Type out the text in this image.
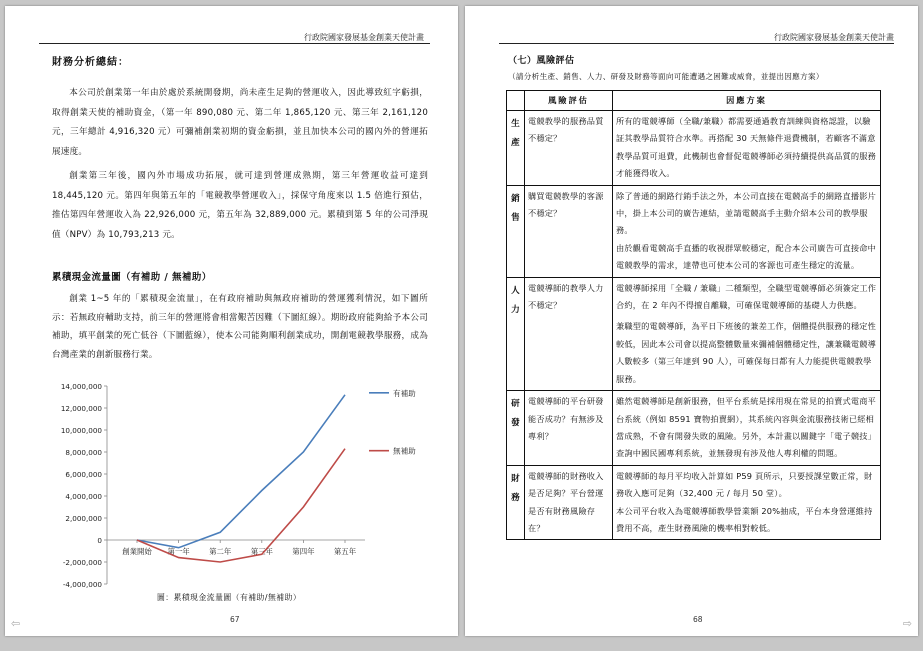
行政院國家發展基金創業天使計畫
財務分析總結：

本公司於創業第一年由於處於系統開發期，尚未產生足夠的營運收入，因此導致紅字虧損，取得創業天使的補助資金，（第一年 890,080 元、第二年 1,865,120 元、第三年 2,161,120 元，三年總計 4,916,320 元）可彌補創業初期的資金虧損，並且加快本公司的國內外的營運拓展速度。

創業第三年後，國內外市場成功拓展，就可達到營運成熟期，第三年營運收益可達到 18,445,120 元。第四年與第五年的「電競教學營運收入」，採保守角度來以 1.5 倍進行預估，推估第四年營運收入為 22,926,000 元，第五年為 32,889,000 元。累積到第 5 年的公司淨現值（NPV）為 10,793,213 元。

累積現金流量圖（有補助 / 無補助）

創業 1~5 年的「累積現金流量」，在有政府補助與無政府補助的營運獲利情況，如下圖所示：若無政府輔助支持，前三年的營運將會相當艱苦因難（下圖紅線）。期盼政府能夠給予本公司補助，填平創業的死亡低谷（下圖藍線），使本公司能夠順利創業成功，開創電競教學服務，成為台灣產業的創新服務行業。

14,000,000
12,000,000
10,000,000
8,000,000
6,000,000
4,000,000
2,000,000
0
-2,000,000
-4,000,000
創業開始 第一年	第二年	第三年	第四年	第五年
有補助
無補助
圖：累積現金流量圖（有補助/無補助）
67
⇦
行政院國家發展基金創業天使計畫
（七）風險評估
（請分析生產、銷售、人力、研發及財務等面向可能遭遇之困難或威脅，並提出因應方案）
	風險評估	因應方案
生產	電競教學的服務品質不穩定？	所有的電競導師（全職/兼職）都需要通過教育訓練與資格認證，以驗証其教學品質符合水準。再搭配 30 天無條件退費機制，若顧客不滿意教學品質可退費，此機制也會督促電競導師必須持續提供高品質的服務才能獲得收入。

銷售	購買電競教學的客源不穩定？	除了普通的網路行銷手法之外，本公司直接在電競高手的網路直播影片中，掛上本公司的廣告連結，並請電競高手主動介紹本公司的教學服務。

由於觀看電競高手直播的收視群眾較穩定，配合本公司廣告可直接命中電競教學的需求，達帶也可使本公司的客源也可產生穩定的流量。

人力	電競導師的教學人力不穩定？	電競導師採用「全職 / 兼職」二種類型，全職型電競導師必須簽定工作合約，在 2 年內不得擅自離職，可確保電競導師的基礎人力供應。

兼職型的電競導師，為平日下班後的兼差工作，個體提供服務的穩定性較低，因此本公司會以提高整體數量來彌補個體穩定性，讓兼職電競導人數較多（第三年達到 90 人），可確保每日都有人力能提供電競教學服務。

研發	電競導師的平台研發能否成功？有無涉及專利？	雖然電競導師是創新服務，但平台系統是採用現在常見的拍賣式電商平台系統（例如 8591 寶物拍賣網），其系統內容與金流服務技術已經相當成熟，不會有開發失敗的風險。另外，本計畫以關鍵字「電子競技」查詢中國民國專利系統，並無發現有涉及他人專利權的問題。

財務	電競導師的財務收入是否足夠？平台營運是否有財務風險存在？	電競導師的每月平均收入計算如 P59 頁所示，只要授課堂數正常，財務收入應可足夠（32,400 元 / 每月 50 堂）。

本公司平台收入為電競導師教學營業額 20%抽成，平台本身營運維持費用不高，產生財務風險的機率相對較低。

68	⇨
